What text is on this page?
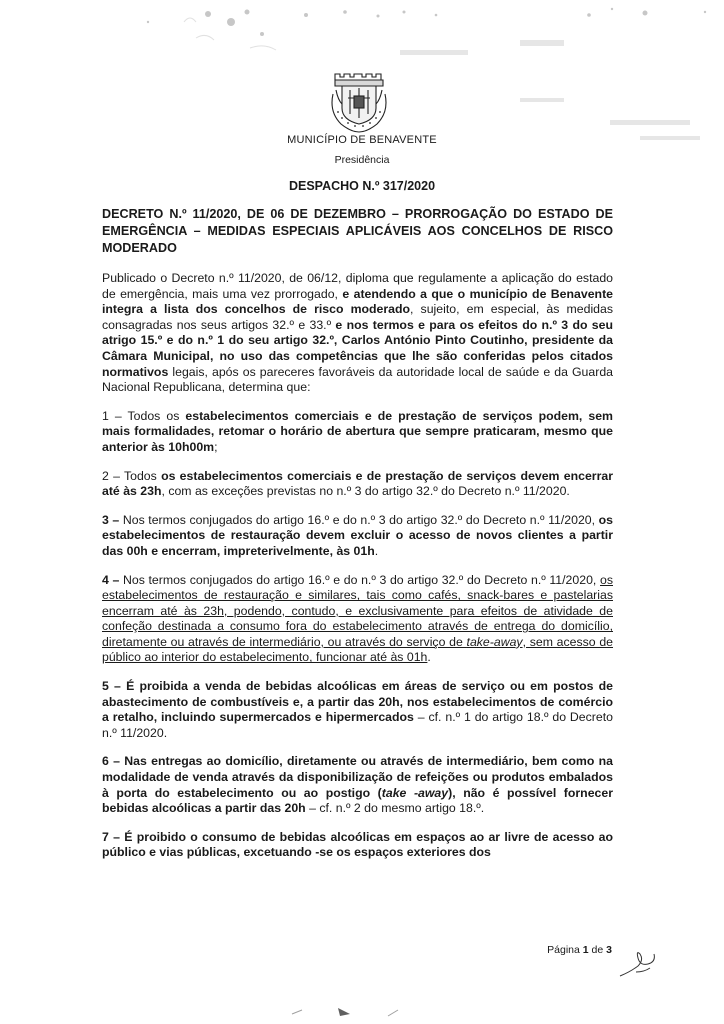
MUNICÍPIO DE BENAVENTE
Presidência
DESPACHO N.º 317/2020

DECRETO N.º 11/2020, DE 06 DE DEZEMBRO – PRORROGAÇÃO DO ESTADO DE EMERGÊNCIA – MEDIDAS ESPECIAIS APLICÁVEIS AOS CONCELHOS DE RISCO MODERADO

Publicado o Decreto n.º 11/2020, de 06/12, diploma que regulamente a aplicação do estado de emergência, mais uma vez prorrogado, e atendendo a que o município de Benavente integra a lista dos concelhos de risco moderado, sujeito, em especial, às medidas consagradas nos seus artigos 32.º e 33.º e nos termos e para os efeitos do n.º 3 do seu atrigo 15.º e do n.º 1 do seu artigo 32.º, Carlos António Pinto Coutinho, presidente da Câmara Municipal, no uso das competências que lhe são conferidas pelos citados normativos legais, após os pareceres favoráveis da autoridade local de saúde e da Guarda Nacional Republicana, determina que:

1 – Todos os estabelecimentos comerciais e de prestação de serviços podem, sem mais formalidades, retomar o horário de abertura que sempre praticaram, mesmo que anterior às 10h00m;

2 – Todos os estabelecimentos comerciais e de prestação de serviços devem encerrar até às 23h, com as exceções previstas no n.º 3 do artigo 32.º do Decreto n.º 11/2020.

3 – Nos termos conjugados do artigo 16.º e do n.º 3 do artigo 32.º do Decreto n.º 11/2020, os estabelecimentos de restauração devem excluir o acesso de novos clientes a partir das 00h e encerram, impreterivelmente, às 01h.

4 – Nos termos conjugados do artigo 16.º e do n.º 3 do artigo 32.º do Decreto n.º 11/2020, os estabelecimentos de restauração e similares, tais como cafés, snack-bares e pastelarias encerram até às 23h, podendo, contudo, e exclusivamente para efeitos de atividade de confeção destinada a consumo fora do estabelecimento através de entrega do domicílio, diretamente ou através de intermediário, ou através do serviço de take-away, sem acesso de público ao interior do estabelecimento, funcionar até às 01h.

5 – É proibida a venda de bebidas alcoólicas em áreas de serviço ou em postos de abastecimento de combustíveis e, a partir das 20h, nos estabelecimentos de comércio a retalho, incluindo supermercados e hipermercados – cf. n.º 1 do artigo 18.º do Decreto n.º 11/2020.

6 – Nas entregas ao domicílio, diretamente ou através de intermediário, bem como na modalidade de venda através da disponibilização de refeições ou produtos embalados à porta do estabelecimento ou ao postigo (take -away), não é possível fornecer bebidas alcoólicas a partir das 20h – cf. n.º 2 do mesmo artigo 18.º.

7 – É proibido o consumo de bebidas alcoólicas em espaços ao ar livre de acesso ao público e vias públicas, excetuando -se os espaços exteriores dos

Página 1 de 3
